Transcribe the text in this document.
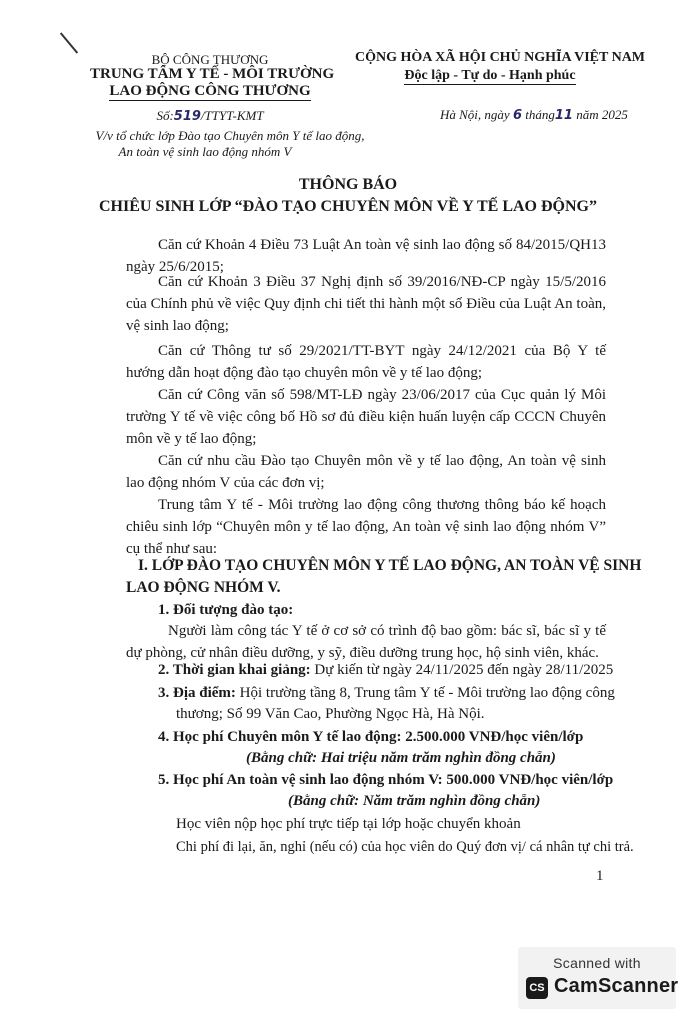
BỘ CÔNG THƯƠNG
TRUNG TÂM Y TẾ - MÔI TRƯỜNG
LAO ĐỘNG CÔNG THƯƠNG
Số:519/TTYT-KMT
V/v tổ chức lớp Đào tạo Chuyên môn Y tế lao động,
An toàn vệ sinh lao động nhóm V
CỘNG HÒA XÃ HỘI CHỦ NGHĨA VIỆT NAM
Độc lập - Tự do - Hạnh phúc
Hà Nội, ngày 6 tháng11 năm 2025
THÔNG BÁO
CHIÊU SINH LỚP “ĐÀO TẠO CHUYÊN MÔN VỀ Y TẾ LAO ĐỘNG”
Căn cứ Khoản 4 Điều 73 Luật An toàn vệ sinh lao động số 84/2015/QH13 ngày 25/6/2015;
Căn cứ Khoản 3 Điều 37 Nghị định số 39/2016/NĐ-CP ngày 15/5/2016 của Chính phủ về việc Quy định chi tiết thi hành một số Điều của Luật An toàn, vệ sinh lao động;
Căn cứ Thông tư số 29/2021/TT-BYT ngày 24/12/2021 của Bộ Y tế hướng dẫn hoạt động đào tạo chuyên môn về y tế lao động;
Căn cứ Công văn số 598/MT-LĐ ngày 23/06/2017 của Cục quản lý Môi trường Y tế về việc công bố Hồ sơ đủ điều kiện huấn luyện cấp CCCN Chuyên môn về y tế lao động;
Căn cứ nhu cầu Đào tạo Chuyên môn về y tế lao động, An toàn vệ sinh lao động nhóm V của các đơn vị;
Trung tâm Y tế - Môi trường lao động công thương thông báo kế hoạch chiêu sinh lớp “Chuyên môn y tế lao động, An toàn vệ sinh lao động nhóm V” cụ thể như sau:
I. LỚP ĐÀO TẠO CHUYÊN MÔN Y TẾ LAO ĐỘNG, AN TOÀN VỆ SINH
LAO ĐỘNG NHÓM V.
1. Đối tượng đào tạo:
Người làm công tác Y tế ở cơ sở có trình độ bao gồm: bác sĩ, bác sĩ y tế dự phòng, cử nhân điều dưỡng, y sỹ, điều dưỡng trung học, hộ sinh viên, khác.
2. Thời gian khai giảng: Dự kiến từ ngày 24/11/2025 đến ngày 28/11/2025
3. Địa điểm: Hội trường tầng 8, Trung tâm Y tế - Môi trường lao động công
thương; Số 99 Văn Cao, Phường Ngọc Hà, Hà Nội.
4. Học phí Chuyên môn Y tế lao động: 2.500.000 VNĐ/học viên/lớp
(Bằng chữ: Hai triệu năm trăm nghìn đồng chẵn)
5. Học phí An toàn vệ sinh lao động nhóm V: 500.000 VNĐ/học viên/lớp
(Bằng chữ: Năm trăm nghìn đồng chẵn)
Học viên nộp học phí trực tiếp tại lớp hoặc chuyển khoản
Chi phí đi lại, ăn, nghỉ (nếu có) của học viên do Quý đơn vị/ cá nhân tự chi trả.
1
Scanned with
CS CamScanner
